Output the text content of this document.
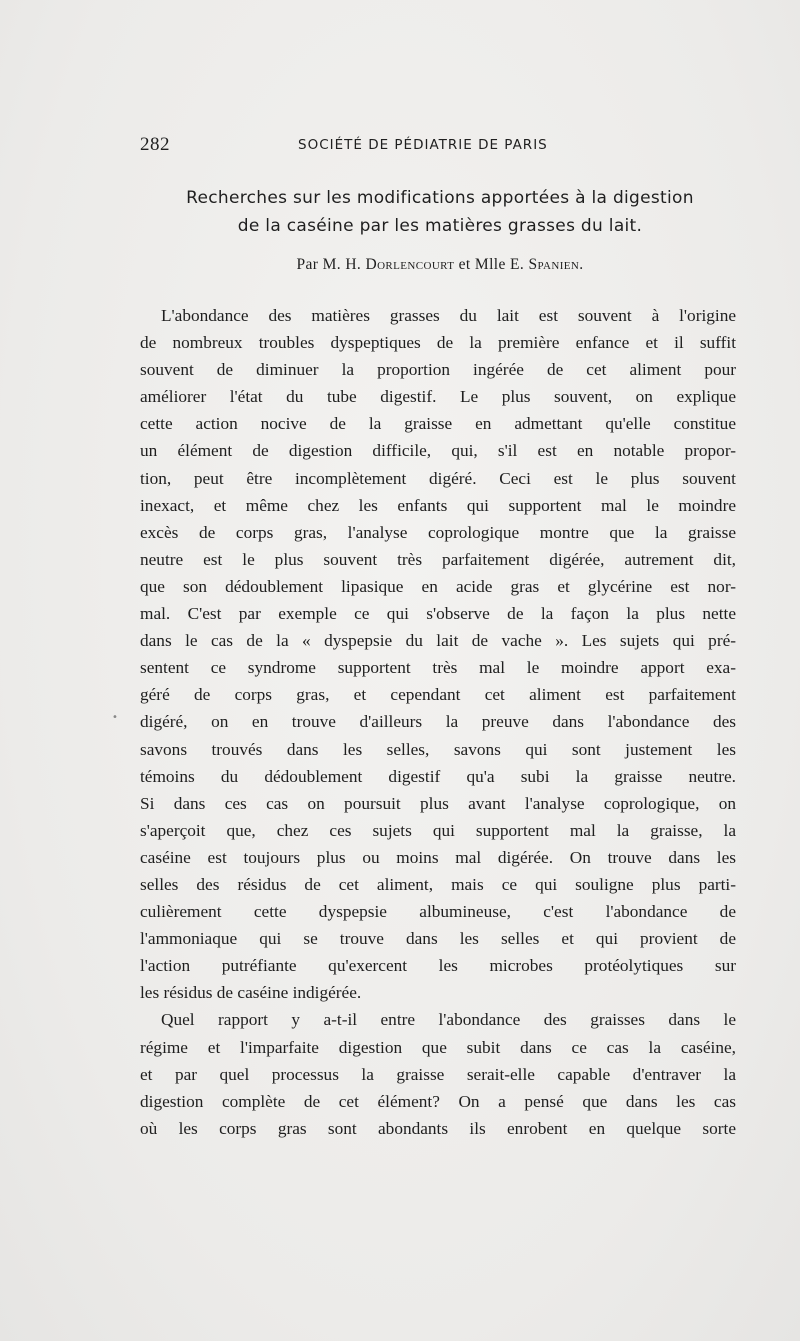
282	SOCIÉTÉ DE PÉDIATRIE DE PARIS
Recherches sur les modifications apportées à la digestion
de la caséine par les matières grasses du lait.
Par M. H. Dorlencourt et Mlle E. Spanien.
L'abondance des matières grasses du lait est souvent à l'origine
de nombreux troubles dyspeptiques de la première enfance et il suffit
souvent de diminuer la proportion ingérée de cet aliment pour
améliorer l'état du tube digestif. Le plus souvent, on explique
cette action nocive de la graisse en admettant qu'elle constitue
un élément de digestion difficile, qui, s'il est en notable propor-
tion, peut être incomplètement digéré. Ceci est le plus souvent
inexact, et même chez les enfants qui supportent mal le moindre
excès de corps gras, l'analyse coprologique montre que la graisse
neutre est le plus souvent très parfaitement digérée, autrement dit,
que son dédoublement lipasique en acide gras et glycérine est nor-
mal. C'est par exemple ce qui s'observe de la façon la plus nette
dans le cas de la « dyspepsie du lait de vache ». Les sujets qui pré-
sentent ce syndrome supportent très mal le moindre apport exa-
géré de corps gras, et cependant cet aliment est parfaitement
digéré, on en trouve d'ailleurs la preuve dans l'abondance des
savons trouvés dans les selles, savons qui sont justement les
témoins du dédoublement digestif qu'a subi la graisse neutre.
Si dans ces cas on poursuit plus avant l'analyse coprologique, on
s'aperçoit que, chez ces sujets qui supportent mal la graisse, la
caséine est toujours plus ou moins mal digérée. On trouve dans les
selles des résidus de cet aliment, mais ce qui souligne plus parti-
culièrement cette dyspepsie albumineuse, c'est l'abondance de
l'ammoniaque qui se trouve dans les selles et qui provient de
l'action putréfiante qu'exercent les microbes protéolytiques sur
les résidus de caséine indigérée.
Quel rapport y a-t-il entre l'abondance des graisses dans le
régime et l'imparfaite digestion que subit dans ce cas la caséine,
et par quel processus la graisse serait-elle capable d'entraver la
digestion complète de cet élément? On a pensé que dans les cas
où les corps gras sont abondants ils enrobent en quelque sorte
•
